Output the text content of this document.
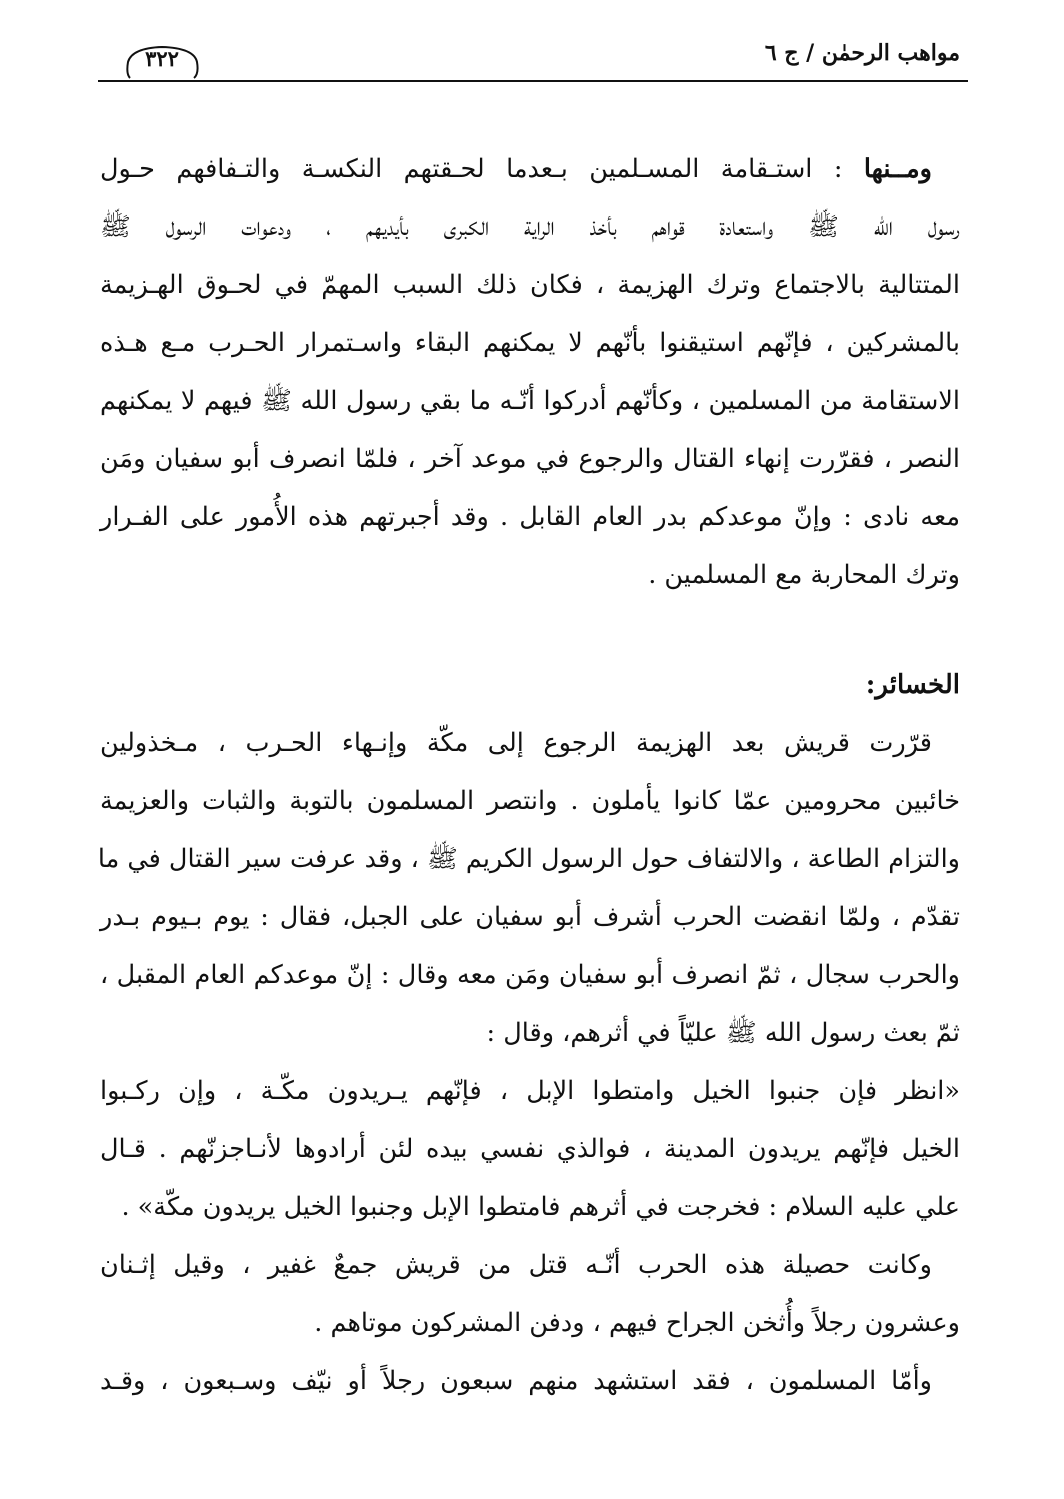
مواهب الرحمٰن / ج ٦
٣٢٢
ومــنها : استـقامة المسـلمين بـعدما لحـقتهم النكسـة والتـفافهم حـول
رسول الله ﷺ واستعادة قواهم بأخذ الراية الكبرى بأيديهم ، ودعوات الرسول ﷺ
المتتالية بالاجتماع وترك الهزيمة ، فكان ذلك السبب المهمّ في لحـوق الهـزيمة
بالمشركين ، فإنّهم استيقنوا بأنّهم لا يمكنهم البقاء واسـتمرار الحـرب مـع هـذه
الاستقامة من المسلمين ، وكأنّهم أدركوا أنّـه ما بقي رسول الله ﷺ فيهم لا يمكنهم
النصر ، فقرّرت إنهاء القتال والرجوع في موعد آخر ، فلمّا انصرف أبو سفيان ومَن
معه نادى : وإنّ موعدكم بدر العام القابل . وقد أجبرتهم هذه الأُمور على الفـرار
وترك المحاربة مع المسلمين .
الخسائر:
قرّرت قريش بعد الهزيمة الرجوع إلى مكّة وإنـهاء الحـرب ، مـخذولين
خائبين محرومين عمّا كانوا يأملون . وانتصر المسلمون بالتوبة والثبات والعزيمة
والتزام الطاعة ، والالتفاف حول الرسول الكريم ﷺ ، وقد عرفت سير القتال في ما
تقدّم ، ولمّا انقضت الحرب أشرف أبو سفيان على الجبل، فقال : يوم بـيوم بـدر
والحرب سجال ، ثمّ انصرف أبو سفيان ومَن معه وقال : إنّ موعدكم العام المقبل ،
ثمّ بعث رسول الله ﷺ عليّاً في أثرهم، وقال :
«انظر فإن جنبوا الخيل وامتطوا الإبل ، فإنّهم يـريدون مكّـة ، وإن ركـبوا
الخيل فإنّهم يريدون المدينة ، فوالذي نفسي بيده لئن أرادوها لأنـاجزنّهم . قـال
علي عليه السلام : فخرجت في أثرهم فامتطوا الإبل وجنبوا الخيل يريدون مكّة» .
وكانت حصيلة هذه الحرب أنّـه قتل من قريش جمعٌ غفير ، وقيل إثـنان
وعشرون رجلاً وأُثخن الجراح فيهم ، ودفن المشركون موتاهم .
وأمّا المسلمون ، فقد استشهد منهم سبعون رجلاً أو نيّف وسـبعون ، وقـد
